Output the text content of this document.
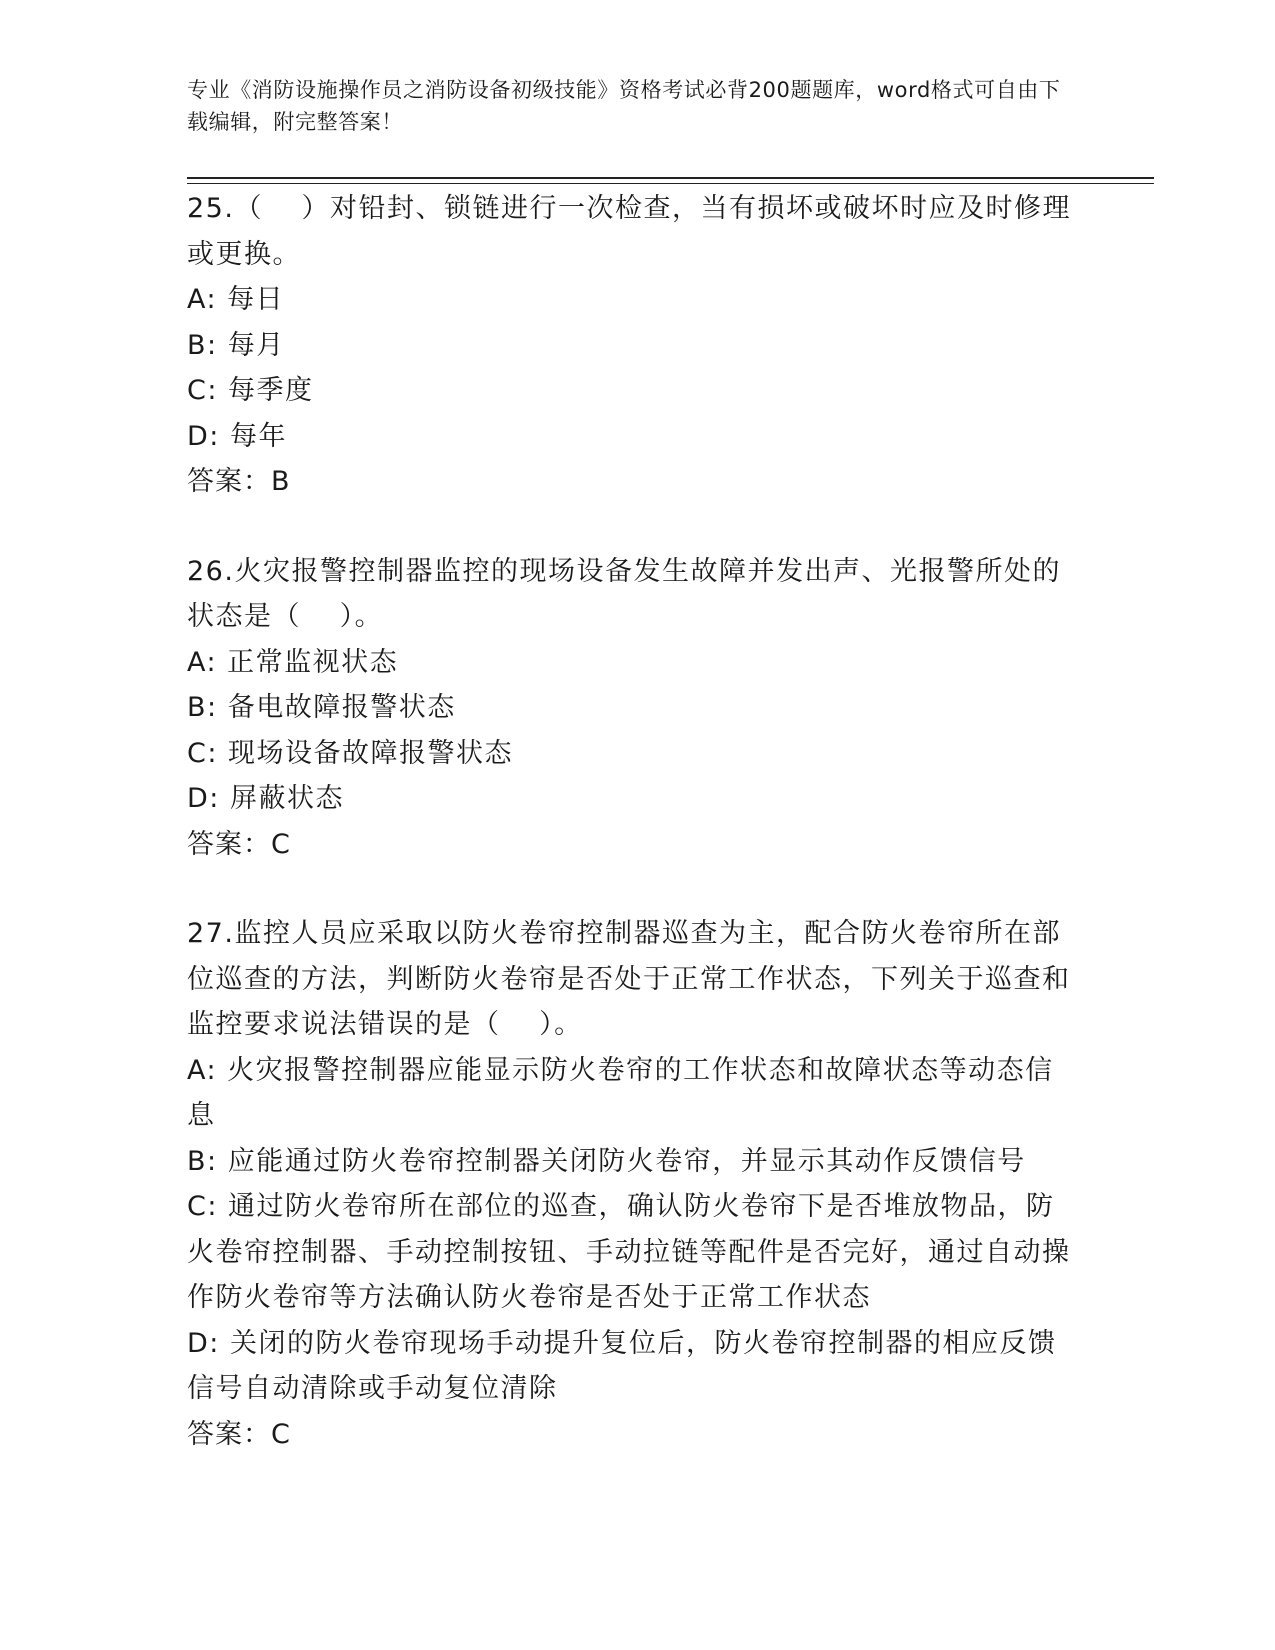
专业《消防设施操作员之消防设备初级技能》资格考试必背200题题库，word格式可自由下载编辑，附完整答案！
25.（　 ）对铅封、锁链进行一次检查，当有损坏或破坏时应及时修理或更换。
A: 每日
B: 每月
C: 每季度
D: 每年
答案：B
26.火灾报警控制器监控的现场设备发生故障并发出声、光报警所处的状态是（　 ）。
A: 正常监视状态
B: 备电故障报警状态
C: 现场设备故障报警状态
D: 屏蔽状态
答案：C
27.监控人员应采取以防火卷帘控制器巡查为主，配合防火卷帘所在部位巡查的方法，判断防火卷帘是否处于正常工作状态，下列关于巡查和监控要求说法错误的是（　 ）。
A: 火灾报警控制器应能显示防火卷帘的工作状态和故障状态等动态信息
B: 应能通过防火卷帘控制器关闭防火卷帘，并显示其动作反馈信号
C: 通过防火卷帘所在部位的巡查，确认防火卷帘下是否堆放物品，防火卷帘控制器、手动控制按钮、手动拉链等配件是否完好，通过自动操作防火卷帘等方法确认防火卷帘是否处于正常工作状态
D: 关闭的防火卷帘现场手动提升复位后，防火卷帘控制器的相应反馈信号自动清除或手动复位清除
答案：C
